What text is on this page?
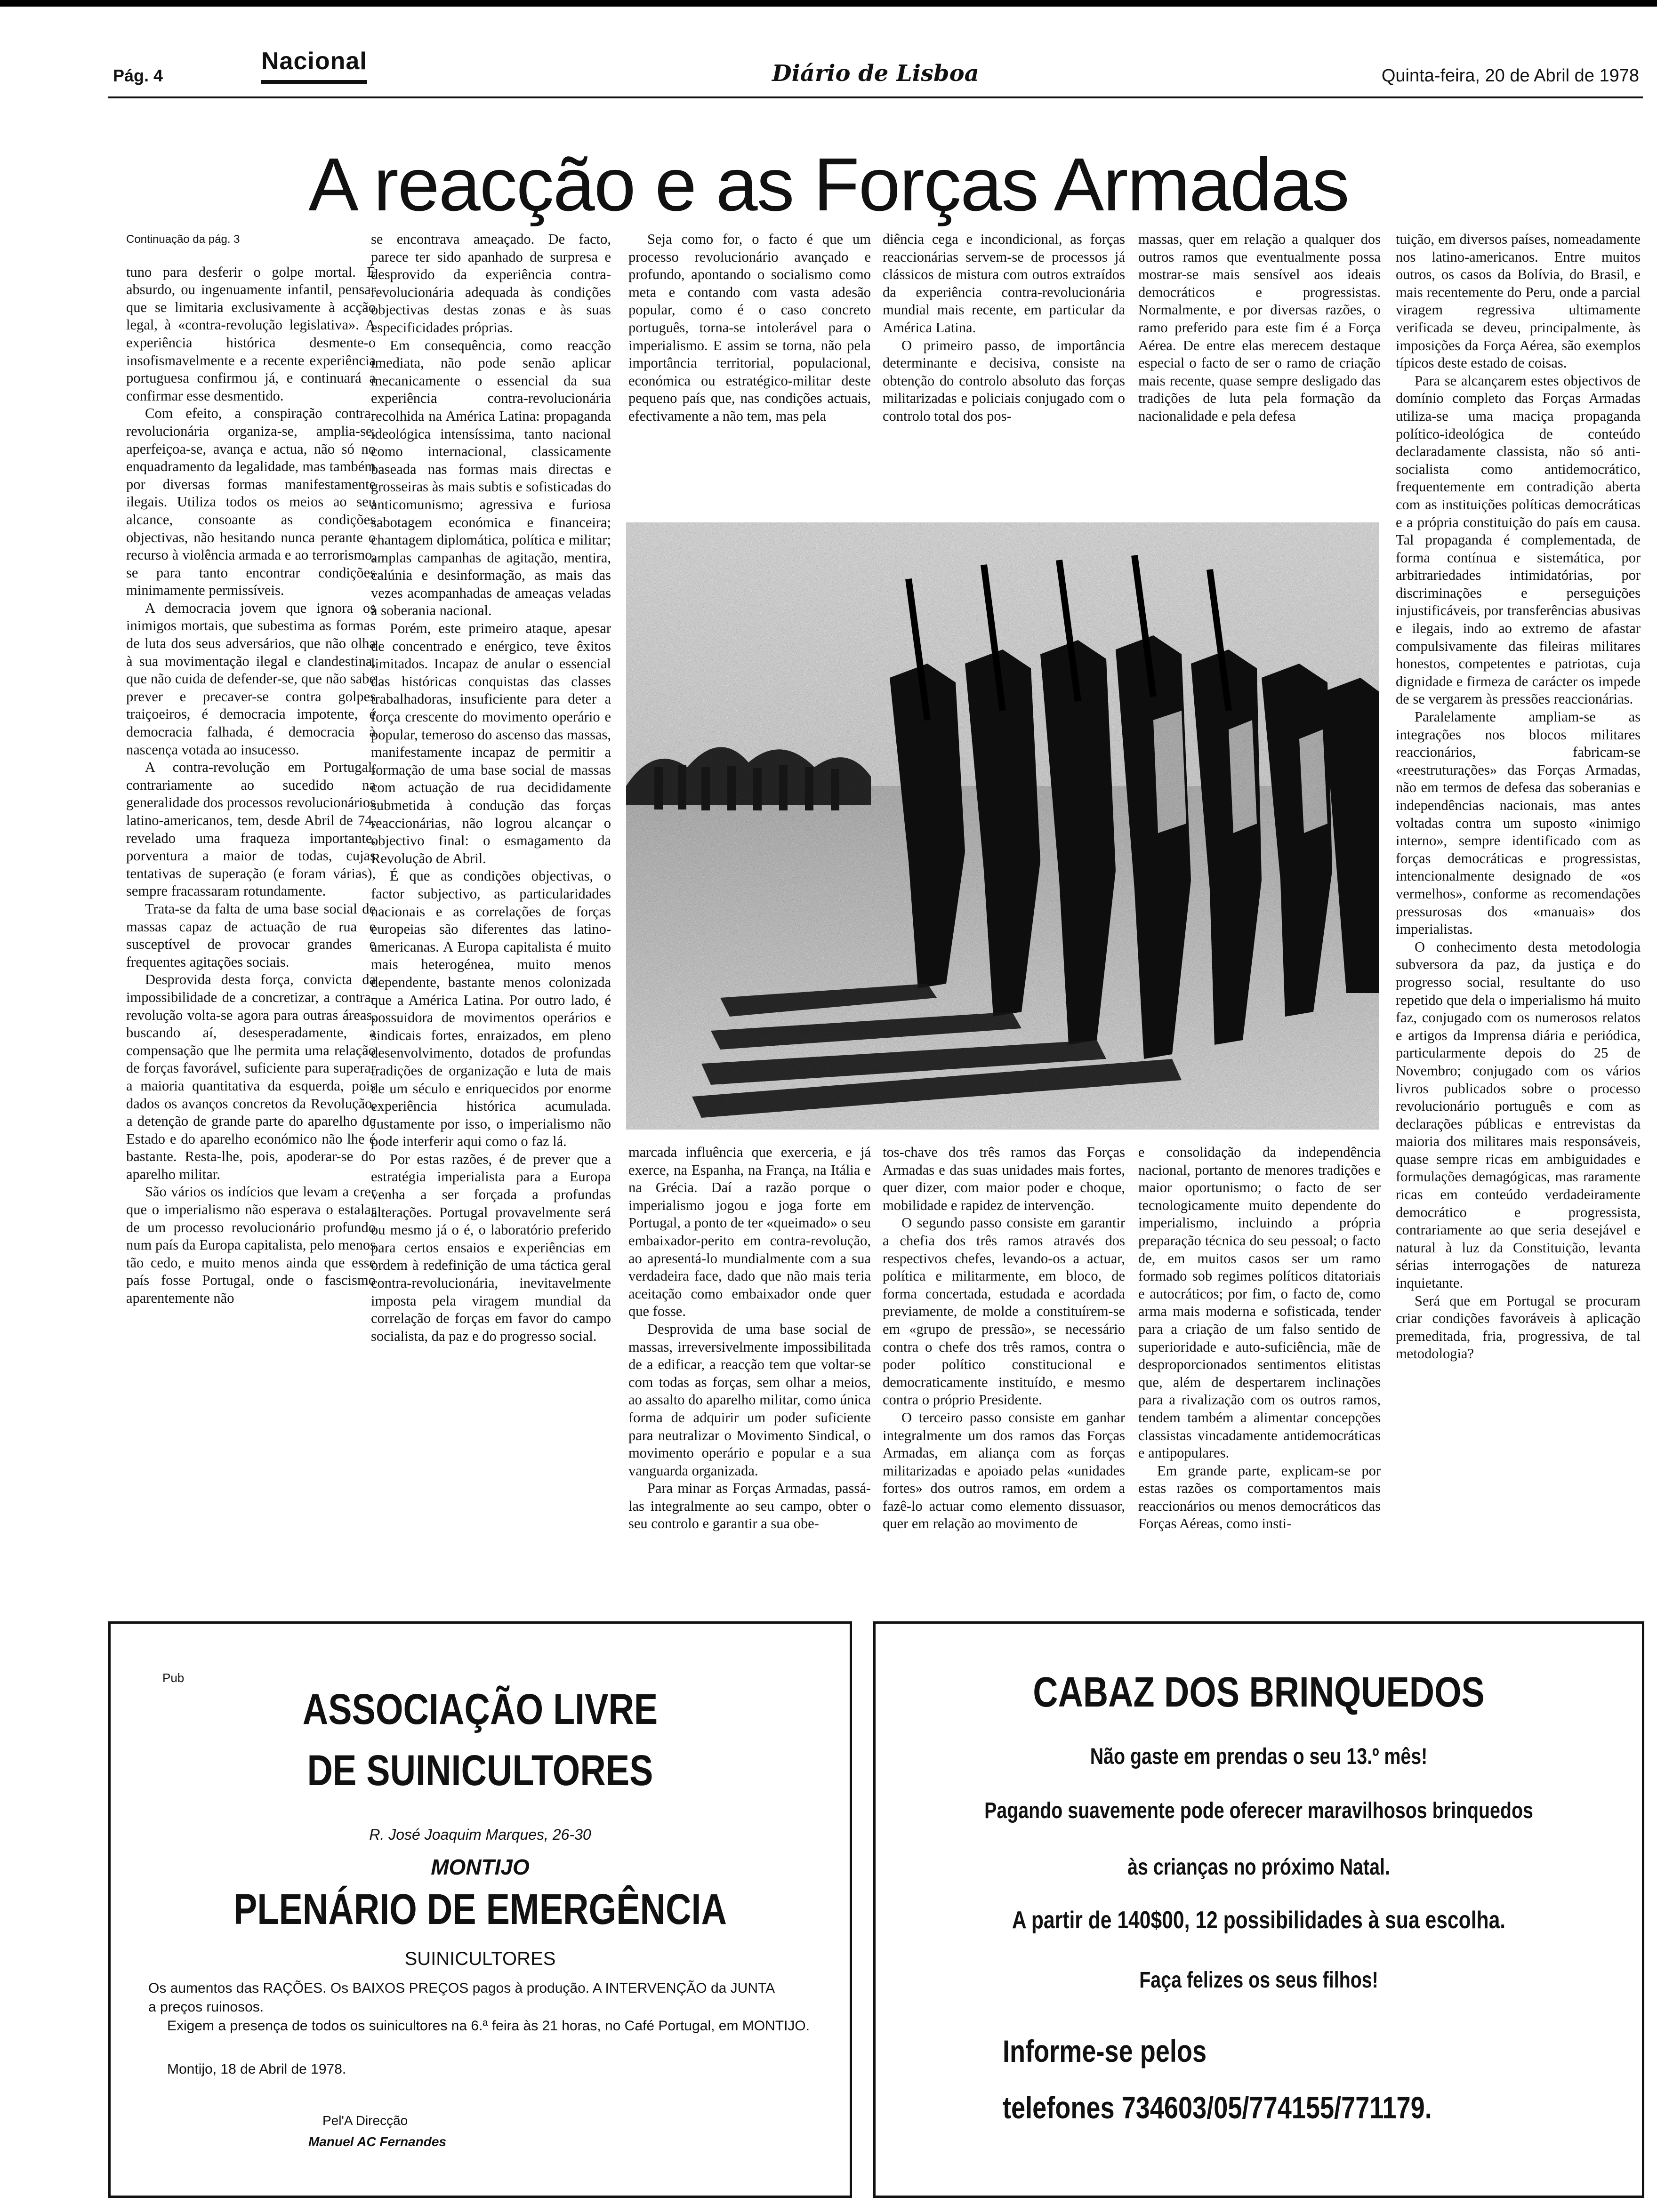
Pág. 4
Nacional	Diário de Lisboa	Quinta-feira, 20 de Abril de 1978
A reacção e as Forças Armadas

Continuação da pág. 3

tuno para desferir o golpe mortal. É absurdo, ou ingenuamente infantil, pensar que se limitaria exclusivamente à acção legal, à «contra-revolução legislativa». A experiência histórica desmente-o insofismavelmente e a recente experiência portuguesa confirmou já, e continuará a confirmar esse desmentido.

Com efeito, a conspiração contra-revolucionária organiza-se, amplia-se, aperfeiçoa-se, avança e actua, não só no enquadramento da legalidade, mas também por diversas formas manifestamente ilegais. Utiliza todos os meios ao seu alcance, consoante as condições objectivas, não hesitando nunca perante o recurso à violência armada e ao terrorismo, se para tanto encontrar condições minimamente permissíveis.

A democracia jovem que ignora os inimigos mortais, que subestima as formas de luta dos seus adversários, que não olha à sua movimentação ilegal e clandestina, que não cuida de defender-se, que não sabe prever e precaver-se contra golpes traiçoeiros, é democracia impotente, é democracia falhada, é democracia à nascença votada ao insucesso.

A contra-revolução em Portugal, contrariamente ao sucedido na generalidade dos processos revolucionários latino-americanos, tem, desde Abril de 74, revelado uma fraqueza importante, porventura a maior de todas, cujas tentativas de superação (e foram várias), sempre fracassaram rotundamente.

Trata-se da falta de uma base social de massas capaz de actuação de rua e susceptível de provocar grandes e frequentes agitações sociais.

Desprovida desta força, convicta da impossibilidade de a concretizar, a contra-revolução volta-se agora para outras áreas, buscando aí, desesperadamente, a compensação que lhe permita uma relação de forças favorável, suficiente para superar a maioria quantitativa da esquerda, pois dados os avanços concretos da Revolução, a detenção de grande parte do aparelho de Estado e do aparelho económico não lhe é bastante. Resta-lhe, pois, apoderar-se do aparelho militar.

São vários os indícios que levam a crer que o imperialismo não esperava o estalar de um processo revolucionário profundo num país da Europa capitalista, pelo menos tão cedo, e muito menos ainda que esse país fosse Portugal, onde o fascismo aparentemente não

se encontrava ameaçado. De facto, parece ter sido apanhado de surpresa e desprovido da experiência contra-revolucionária adequada às condições objectivas destas zonas e às suas especificidades próprias.

Em consequência, como reacção imediata, não pode senão aplicar mecanicamente o essencial da sua experiência contra-revolucionária recolhida na América Latina: propaganda ideológica intensíssima, tanto nacional como internacional, classicamente baseada nas formas mais directas e grosseiras às mais subtis e sofisticadas do anticomunismo; agressiva e furiosa sabotagem económica e financeira; chantagem diplomática, política e militar; amplas campanhas de agitação, mentira, calúnia e desinformação, as mais das vezes acompanhadas de ameaças veladas à soberania nacional.

Porém, este primeiro ataque, apesar de concentrado e enérgico, teve êxitos limitados. Incapaz de anular o essencial das históricas conquistas das classes trabalhadoras, insuficiente para deter a força crescente do movimento operário e popular, temeroso do ascenso das massas, manifestamente incapaz de permitir a formação de uma base social de massas com actuação de rua decididamente submetida à condução das forças reaccionárias, não logrou alcançar o objectivo final: o esmagamento da Revolução de Abril.

É que as condições objectivas, o factor subjectivo, as particularidades nacionais e as correlações de forças europeias são diferentes das latino-americanas. A Europa capitalista é muito mais heterogénea, muito menos dependente, bastante menos colonizada que a América Latina. Por outro lado, é possuidora de movimentos operários e sindicais fortes, enraizados, em pleno desenvolvimento, dotados de profundas tradições de organização e luta de mais de um século e enriquecidos por enorme experiência histórica acumulada. Justamente por isso, o imperialismo não pode interferir aqui como o faz lá.

Por estas razões, é de prever que a estratégia imperialista para a Europa venha a ser forçada a profundas alterações. Portugal provavelmente será ou mesmo já o é, o laboratório preferido para certos ensaios e experiências em ordem à redefinição de uma táctica geral contra-revolucionária, inevitavelmente imposta pela viragem mundial da correlação de forças em favor do campo socialista, da paz e do progresso social.

Seja como for, o facto é que um processo revolucionário avançado e profundo, apontando o socialismo como meta e contando com vasta adesão popular, como é o caso concreto português, torna-se intolerável para o imperialismo. E assim se torna, não pela importância territorial, populacional, económica ou estratégico-militar deste pequeno país que, nas condições actuais, efectivamente a não tem, mas pela

diência cega e incondicional, as forças reaccionárias servem-se de processos já clássicos de mistura com outros extraídos da experiência contra-revolucionária mundial mais recente, em particular da América Latina.

O primeiro passo, de importância determinante e decisiva, consiste na obtenção do controlo absoluto das forças militarizadas e policiais conjugado com o controlo total dos pos-

massas, quer em relação a qualquer dos outros ramos que eventualmente possa mostrar-se mais sensível aos ideais democráticos e progressistas. Normalmente, e por diversas razões, o ramo preferido para este fim é a Força Aérea. De entre elas merecem destaque especial o facto de ser o ramo de criação mais recente, quase sempre desligado das tradições de luta pela formação da nacionalidade e pela defesa

marcada influência que exerceria, e já exerce, na Espanha, na França, na Itália e na Grécia. Daí a razão porque o imperialismo jogou e joga forte em Portugal, a ponto de ter «queimado» o seu embaixador-perito em contra-revolução, ao apresentá-lo mundialmente com a sua verdadeira face, dado que não mais teria aceitação como embaixador onde quer que fosse.

Desprovida de uma base social de massas, irreversivelmente impossibilitada de a edificar, a reacção tem que voltar-se com todas as forças, sem olhar a meios, ao assalto do aparelho militar, como única forma de adquirir um poder suficiente para neutralizar o Movimento Sindical, o movimento operário e popular e a sua vanguarda organizada.

Para minar as Forças Armadas, passá-las integralmente ao seu campo, obter o seu controlo e garantir a sua obe-

tos-chave dos três ramos das Forças Armadas e das suas unidades mais fortes, quer dizer, com maior poder e choque, mobilidade e rapidez de intervenção.

O segundo passo consiste em garantir a chefia dos três ramos através dos respectivos chefes, levando-os a actuar, política e militarmente, em bloco, de forma concertada, estudada e acordada previamente, de molde a constituírem-se em «grupo de pressão», se necessário contra o chefe dos três ramos, contra o poder político constitucional e democraticamente instituído, e mesmo contra o próprio Presidente.

O terceiro passo consiste em ganhar integralmente um dos ramos das Forças Armadas, em aliança com as forças militarizadas e apoiado pelas «unidades fortes» dos outros ramos, em ordem a fazê-lo actuar como elemento dissuasor, quer em relação ao movimento de

e consolidação da independência nacional, portanto de menores tradições e maior oportunismo; o facto de ser tecnologicamente muito dependente do imperialismo, incluindo a própria preparação técnica do seu pessoal; o facto de, em muitos casos ser um ramo formado sob regimes políticos ditatoriais e autocráticos; por fim, o facto de, como arma mais moderna e sofisticada, tender para a criação de um falso sentido de superioridade e auto-suficiência, mãe de desproporcionados sentimentos elitistas que, além de despertarem inclinações para a rivalização com os outros ramos, tendem também a alimentar concepções classistas vincadamente antidemocráticas e antipopulares.

Em grande parte, explicam-se por estas razões os comportamentos mais reaccionários ou menos democráticos das Forças Aéreas, como insti-

tuição, em diversos países, nomeadamente nos latino-americanos. Entre muitos outros, os casos da Bolívia, do Brasil, e mais recentemente do Peru, onde a parcial viragem regressiva ultimamente verificada se deveu, principalmente, às imposições da Força Aérea, são exemplos típicos deste estado de coisas.

Para se alcançarem estes objectivos de domínio completo das Forças Armadas utiliza-se uma maciça propaganda político-ideológica de conteúdo declaradamente classista, não só anti-socialista como antidemocrático, frequentemente em contradição aberta com as instituições políticas democráticas e a própria constituição do país em causa. Tal propaganda é complementada, de forma contínua e sistemática, por arbitrariedades intimidatórias, por discriminações e perseguições injustificáveis, por transferências abusivas e ilegais, indo ao extremo de afastar compulsivamente das fileiras militares honestos, competentes e patriotas, cuja dignidade e firmeza de carácter os impede de se vergarem às pressões reaccionárias.

Paralelamente ampliam-se as integrações nos blocos militares reaccionários, fabricam-se «reestruturações» das Forças Armadas, não em termos de defesa das soberanias e independências nacionais, mas antes voltadas contra um suposto «inimigo interno», sempre identificado com as forças democráticas e progressistas, intencionalmente designado de «os vermelhos», conforme as recomendações pressurosas dos «manuais» dos imperialistas.

O conhecimento desta metodologia subversora da paz, da justiça e do progresso social, resultante do uso repetido que dela o imperialismo há muito faz, conjugado com os numerosos relatos e artigos da Imprensa diária e periódica, particularmente depois do 25 de Novembro; conjugado com os vários livros publicados sobre o processo revolucionário português e com as declarações públicas e entrevistas da maioria dos militares mais responsáveis, quase sempre ricas em ambiguidades e formulações demagógicas, mas raramente ricas em conteúdo verdadeiramente democrático e progressista, contrariamente ao que seria desejável e natural à luz da Constituição, levanta sérias interrogações de natureza inquietante.

Será que em Portugal se procuram criar condições favoráveis à aplicação premeditada, fria, progressiva, de tal metodologia?

Pub
ASSOCIAÇÃO LIVRE
DE SUINICULTORES
R. José Joaquim Marques, 26-30
MONTIJO
PLENÁRIO DE EMERGÊNCIA
SUINICULTORES
Os aumentos das RAÇÕES. Os BAIXOS PREÇOS pagos à produção. A INTERVENÇÃO da JUNTA
a preços ruinosos.
Exigem a presença de todos os suinicultores na 6.ª feira às 21 horas, no Café Portugal, em MONTIJO.
Montijo, 18 de Abril de 1978.
Pel'A Direcção
Manuel AC Fernandes
CABAZ DOS BRINQUEDOS
Não gaste em prendas o seu 13.º mês!
Pagando suavemente pode oferecer maravilhosos brinquedos
às crianças no próximo Natal.
A partir de 140$00, 12 possibilidades à sua escolha.
Faça felizes os seus filhos!
Informe-se pelos
telefones 734603/05/774155/771179.
